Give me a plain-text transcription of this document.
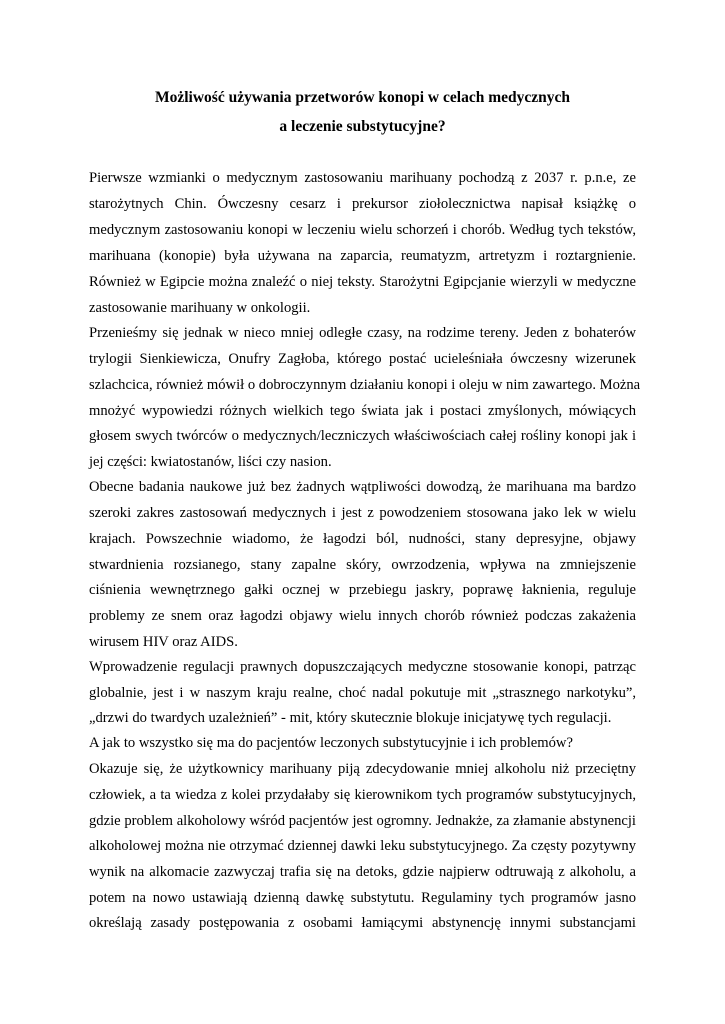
Możliwość używania przetworów konopi w celach medycznych
a leczenie substytucyjne?
Pierwsze wzmianki o medycznym zastosowaniu marihuany pochodzą z 2037 r. p.n.e, ze
starożytnych Chin. Ówczesny cesarz i prekursor ziołolecznictwa napisał książkę o
medycznym zastosowaniu konopi w leczeniu wielu schorzeń i chorób. Według tych tekstów,
marihuana (konopie) była używana na zaparcia, reumatyzm, artretyzm i roztargnienie.
Również w Egipcie można znaleźć o niej teksty. Starożytni Egipcjanie wierzyli w medyczne
zastosowanie marihuany w onkologii.
Przenieśmy się jednak w nieco mniej odległe czasy, na rodzime tereny. Jeden z bohaterów
trylogii Sienkiewicza, Onufry Zagłoba, którego postać ucieleśniała ówczesny wizerunek
szlachcica, również mówił o dobroczynnym działaniu konopi i oleju w nim zawartego. Można
mnożyć wypowiedzi różnych wielkich tego świata jak i postaci zmyślonych, mówiących
głosem swych twórców o medycznych/leczniczych właściwościach całej rośliny konopi jak i
jej części: kwiatostanów, liści czy nasion.
Obecne badania naukowe już bez żadnych wątpliwości dowodzą, że marihuana ma bardzo
szeroki zakres zastosowań medycznych i jest z powodzeniem stosowana jako lek w wielu
krajach. Powszechnie wiadomo, że łagodzi ból, nudności, stany depresyjne, objawy
stwardnienia rozsianego, stany zapalne skóry, owrzodzenia, wpływa na zmniejszenie
ciśnienia wewnętrznego gałki ocznej w przebiegu jaskry, poprawę łaknienia, reguluje
problemy ze snem oraz łagodzi objawy wielu innych chorób również podczas zakażenia
wirusem HIV oraz AIDS.
Wprowadzenie regulacji prawnych dopuszczających medyczne stosowanie konopi, patrząc
globalnie, jest i w naszym kraju realne, choć nadal pokutuje mit „strasznego narkotyku”,
„drzwi do twardych uzależnień” - mit, który skutecznie blokuje inicjatywę tych regulacji.
A jak to wszystko się ma do pacjentów leczonych substytucyjnie i ich problemów?
Okazuje się, że użytkownicy marihuany piją zdecydowanie mniej alkoholu niż przeciętny
człowiek, a ta wiedza z kolei przydałaby się kierownikom tych programów substytucyjnych,
gdzie problem alkoholowy wśród pacjentów jest ogromny. Jednakże, za złamanie abstynencji
alkoholowej można nie otrzymać dziennej dawki leku substytucyjnego. Za częsty pozytywny
wynik na alkomacie zazwyczaj trafia się na detoks, gdzie najpierw odtruwają z alkoholu, a
potem na nowo ustawiają dzienną dawkę substytutu. Regulaminy tych programów jasno
określają zasady postępowania z osobami łamiącymi abstynencję innymi substancjami
